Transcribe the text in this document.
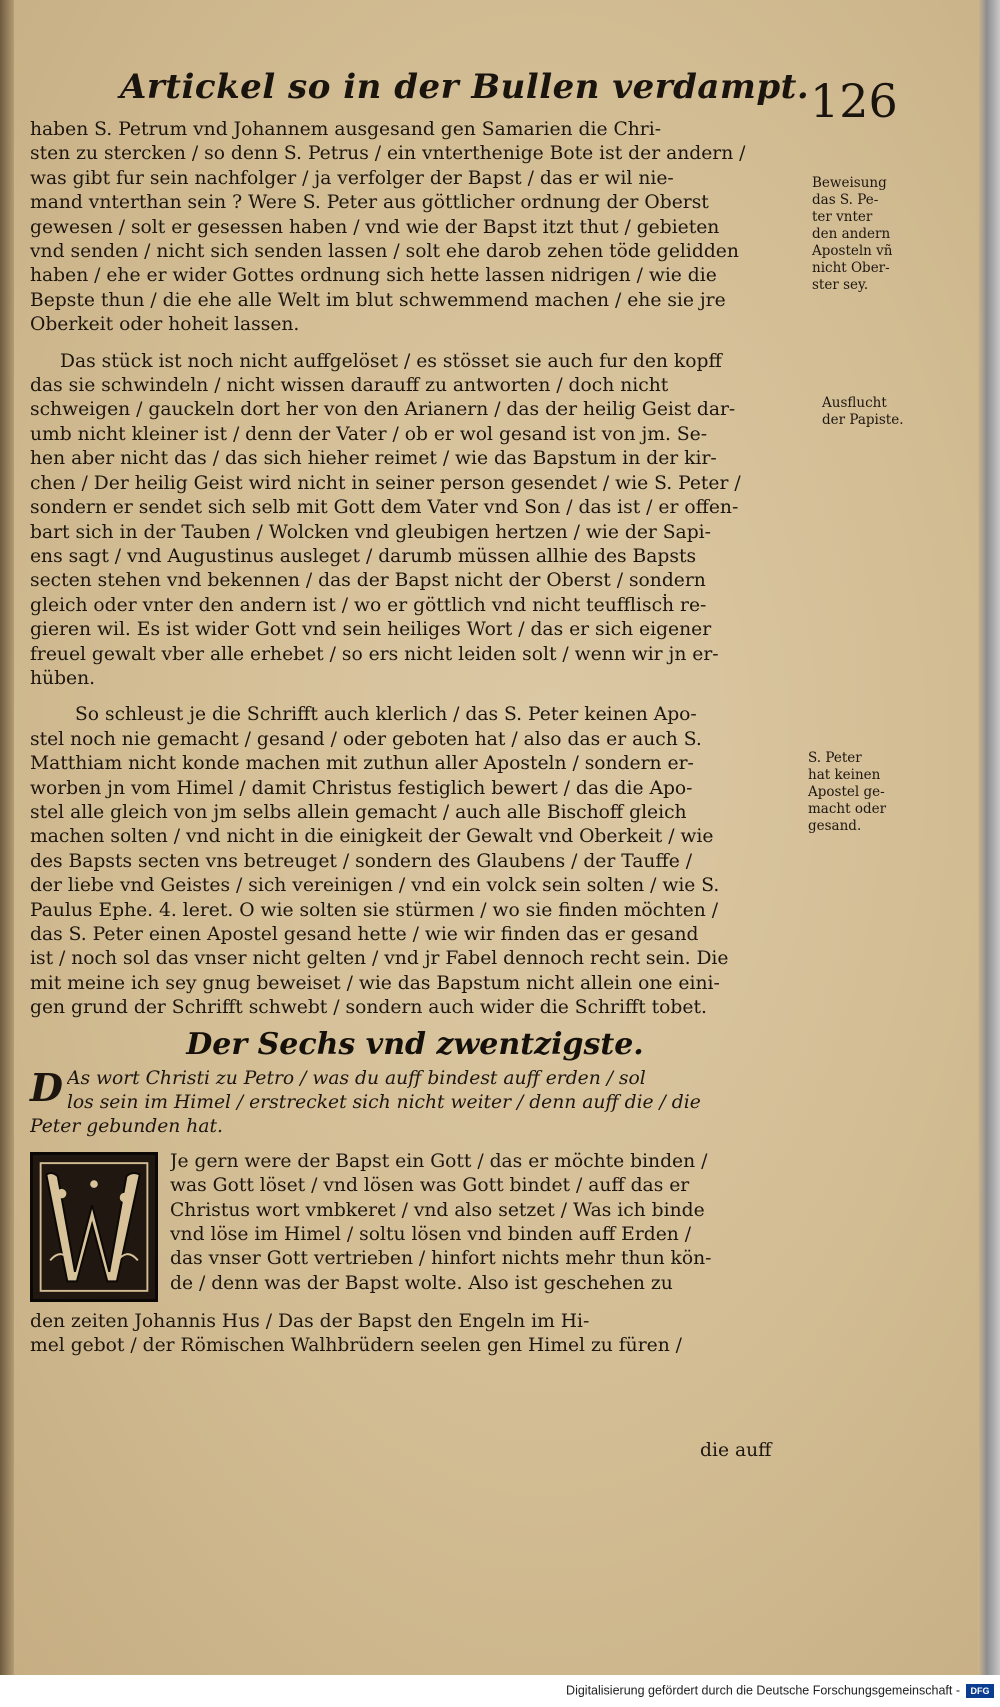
Artickel so in der Bullen verdampt. 126
haben S. Petrum vnd Johannem ausgesand gen Samarien die Chri-
sten zu stercken / so denn S. Petrus / ein vnterthenige Bote ist der andern /
was gibt fur sein nachfolger / ja verfolger der Bapst / das er wil nie-
mand vnterthan sein ? Were S. Peter aus göttlicher ordnung der Oberst
gewesen / solt er gesessen haben / vnd wie der Bapst itzt thut / gebieten
vnd senden / nicht sich senden lassen / solt ehe darob zehen töde gelidden
haben / ehe er wider Gottes ordnung sich hette lassen nidrigen / wie die
Bepste thun / die ehe alle Welt im blut schwemmend machen / ehe sie jre
Oberkeit oder hoheit lassen.
Das stück ist noch nicht auffgelöset / es stösset sie auch fur den kopff
das sie schwindeln / nicht wissen darauff zu antworten / doch nicht
schweigen / gauckeln dort her von den Arianern / das der heilig Geist dar-
umb nicht kleiner ist / denn der Vater / ob er wol gesand ist von jm. Se-
hen aber nicht das / das sich hieher reimet / wie das Bapstum in der kir-
chen / Der heilig Geist wird nicht in seiner person gesendet / wie S. Peter /
sondern er sendet sich selb mit Gott dem Vater vnd Son / das ist / er offen-
bart sich in der Tauben / Wolcken vnd gleubigen hertzen / wie der Sapi-
ens sagt / vnd Augustinus ausleget / darumb müssen allhie des Bapsts
secten stehen vnd bekennen / das der Bapst nicht der Oberst / sondern
gleich oder vnter den andern ist / wo er göttlich vnd nicht teuffliscḣ re-
gieren wil. Es ist wider Gott vnd sein heiliges Wort / das er sich eigener
freuel gewalt vber alle erhebet / so ers nicht leiden solt / wenn wir jn er-
hüben.
So schleust je die Schrifft auch klerlich / das S. Peter keinen Apo-
stel noch nie gemacht / gesand / oder geboten hat / also das er auch S.
Matthiam nicht konde machen mit zuthun aller Aposteln / sondern er-
worben jn vom Himel / damit Christus festiglich bewert / das die Apo-
stel alle gleich von jm selbs allein gemacht / auch alle Bischoff gleich
machen solten / vnd nicht in die einigkeit der Gewalt vnd Oberkeit / wie
des Bapsts secten vns betreuget / sondern des Glaubens / der Tauffe /
der liebe vnd Geistes / sich vereinigen / vnd ein volck sein solten / wie S.
Paulus Ephe. 4. leret. O wie solten sie stürmen / wo sie finden möchten /
das S. Peter einen Apostel gesand hette / wie wir finden das er gesand
ist / noch sol das vnser nicht gelten / vnd jr Fabel dennoch recht sein. Die
mit meine ich sey gnug beweiset / wie das Bapstum nicht allein one eini-
gen grund der Schrifft schwebt / sondern auch wider die Schrifft tobet.
Der Sechs vnd zwentzigste.
D As wort Christi zu Petro / was du auff bindest auff erden / sol
los sein im Himel / erstrecket sich nicht weiter / denn auff die / die
Peter gebunden hat.
Je gern were der Bapst ein Gott / das er möchte binden /
was Gott löset / vnd lösen was Gott bindet / auff das er
Christus wort vmbkeret / vnd also setzet / Was ich binde
vnd löse im Himel / soltu lösen vnd binden auff Erden /
das vnser Gott vertrieben / hinfort nichts mehr thun kön-
de / denn was der Bapst wolte. Also ist geschehen zu
den zeiten Johannis Hus / Das der Bapst den Engeln im Hi-
mel gebot / der Römischen Walhbrüdern seelen gen Himel zu füren /
die auff
Beweisung
das S. Pe-
ter vnter
den andern
Aposteln vñ
nicht Ober-
ster sey.
Ausflucht
der Papiste.
S. Peter
hat keinen
Apostel ge-
macht oder
gesand.
Digitalisierung gefördert durch die Deutsche Forschungsgemeinschaft - DFG
